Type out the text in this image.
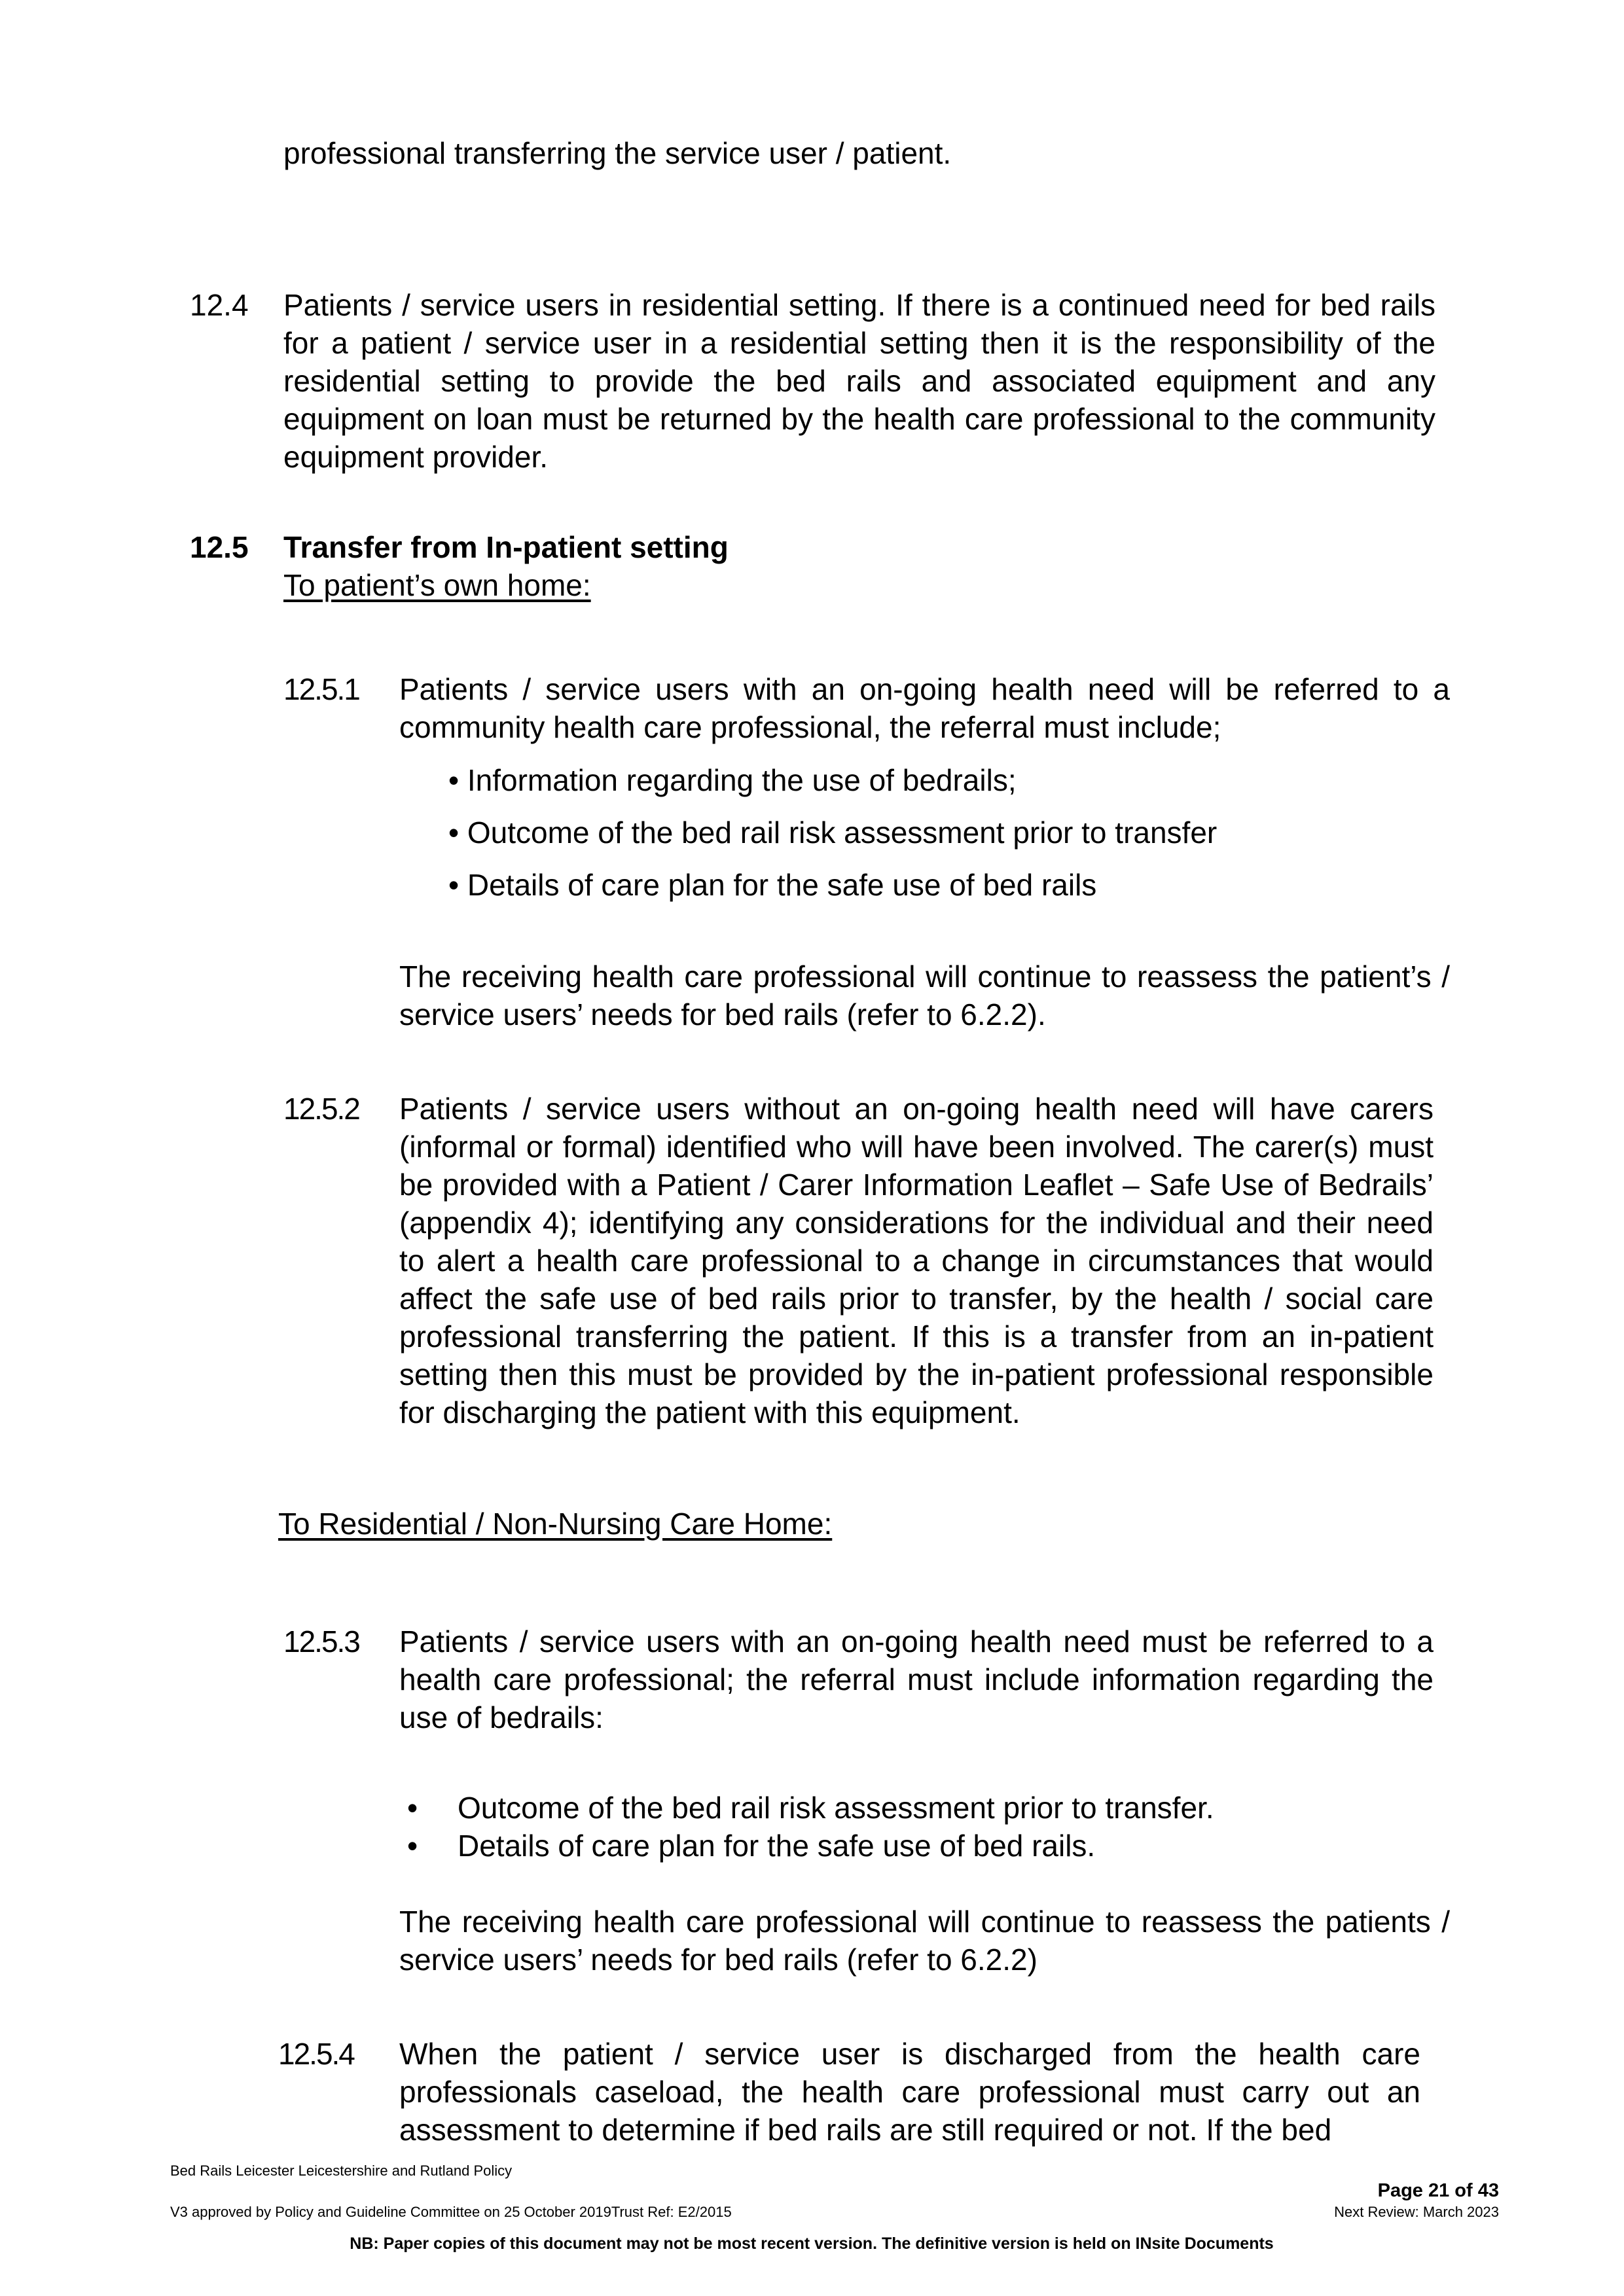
professional transferring the service user / patient.

12.4 Patients / service users in residential setting. If there is a continued need for bed rails for a patient / service user in a residential setting then it is the responsibility of the residential setting to provide the bed rails and associated equipment and any equipment on loan must be returned by the health care professional to the community equipment provider.

12.5 Transfer from In-patient setting

To patient’s own home:

12.5.1 Patients / service users with an on-going health need will be referred to a community health care professional, the referral must include;

• Information regarding the use of bedrails;
• Outcome of the bed rail risk assessment prior to transfer
• Details of care plan for the safe use of bed rails

The receiving health care professional will continue to reassess the patient’s / service users’ needs for bed rails (refer to 6.2.2).

12.5.2 Patients / service users without an on-going health need will have carers (informal or formal) identified who will have been involved. The carer(s) must be provided with a Patient / Carer Information Leaflet – Safe Use of Bedrails’ (appendix 4); identifying any considerations for the individual and their need to alert a health care professional to a change in circumstances that would affect the safe use of bed rails prior to transfer, by the health / social care professional transferring the patient. If this is a transfer from an in-patient setting then this must be provided by the in-patient professional responsible for discharging the patient with this equipment.

To Residential / Non-Nursing Care Home:

12.5.3 Patients / service users with an on-going health need must be referred to a health care professional; the referral must include information regarding the use of bedrails:

• Outcome of the bed rail risk assessment prior to transfer.
• Details of care plan for the safe use of bed rails.

The receiving health care professional will continue to reassess the patients / service users’ needs for bed rails (refer to 6.2.2)

12.5.4 When the patient / service user is discharged from the health care professionals caseload, the health care professional must carry out an assessment to determine if bed rails are still required or not. If the bed

Bed Rails Leicester Leicestershire and Rutland Policy
Page 21 of 43
V3 approved by Policy and Guideline Committee on 25 October 2019Trust Ref: E2/2015	Next Review: March 2023
NB: Paper copies of this document may not be most recent version. The definitive version is held on INsite Documents
